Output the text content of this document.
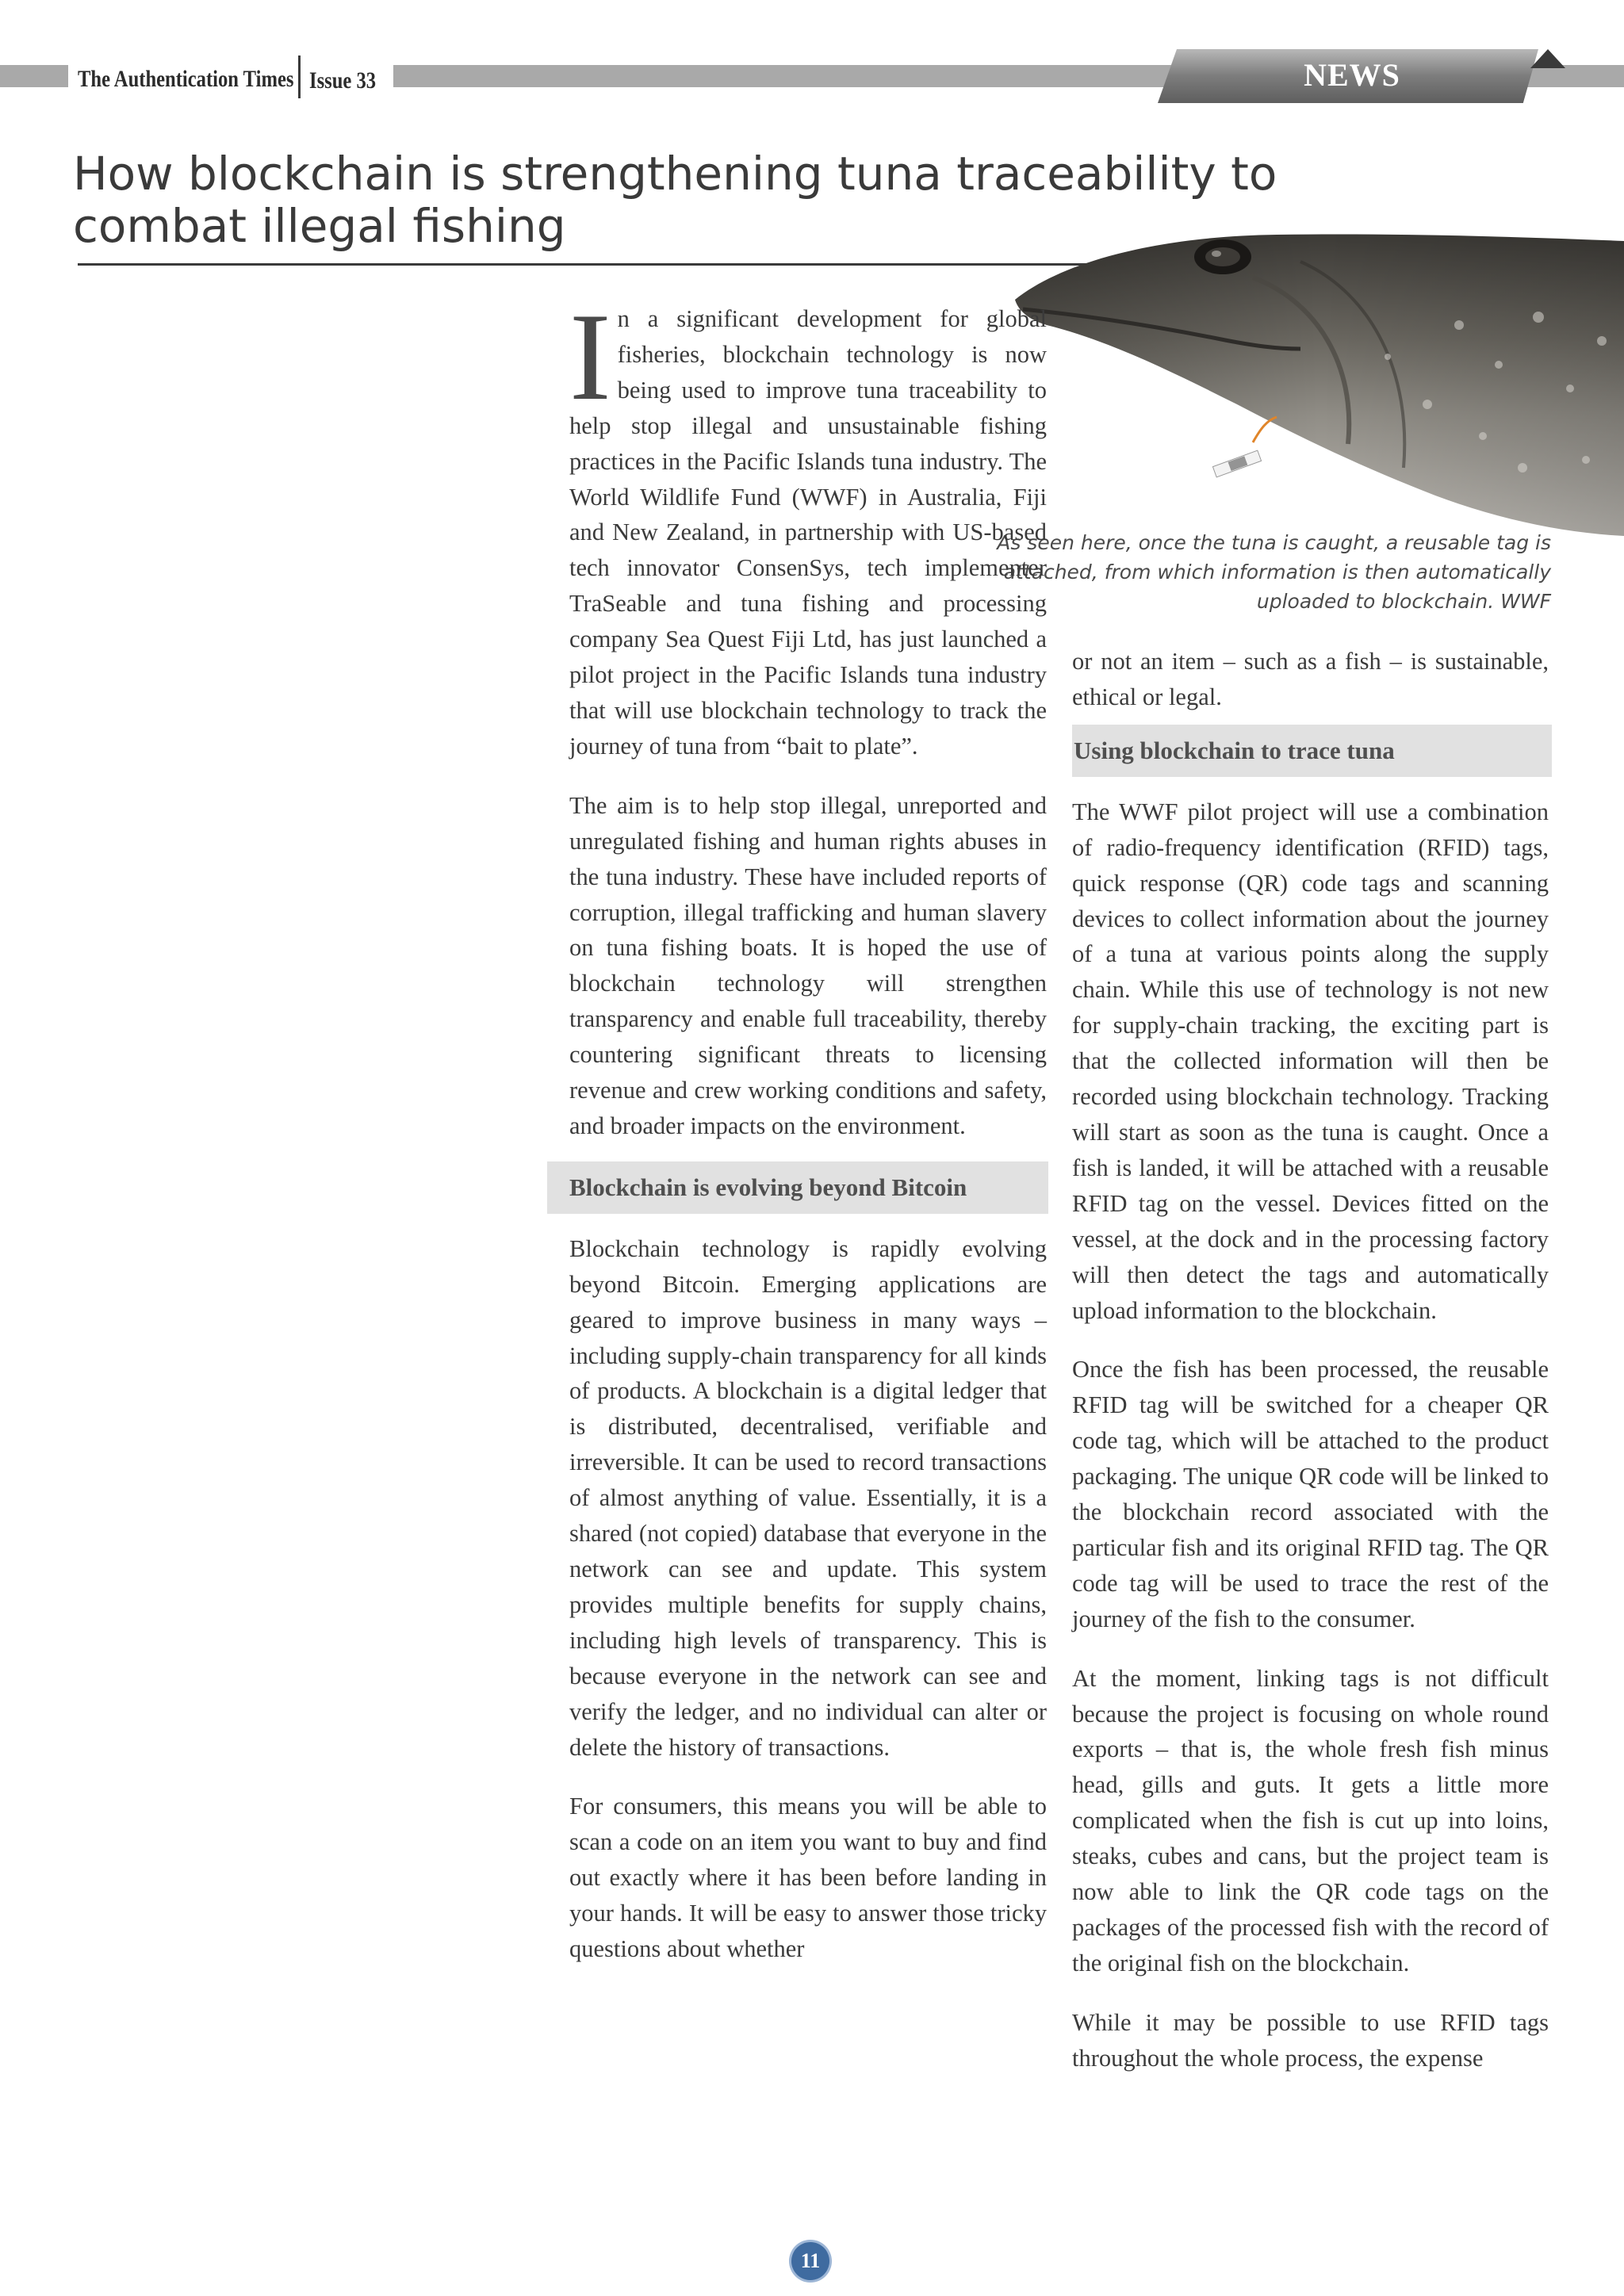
The Authentication Times Issue 33	NEWS
How blockchain is strengthening tuna traceability to combat illegal fishing

As seen here, once the tuna is caught, a reusable tag is attached, from which information is then automatically uploaded to blockchain. WWF

I n a significant development for global fisheries, blockchain technology is now being used to improve tuna traceability to help stop illegal and unsustainable fishing practices in the Pacific Islands tuna industry. The World Wildlife Fund (WWF) in Australia, Fiji and New Zealand, in partnership with US-based tech innovator ConsenSys, tech implementer TraSeable and tuna fishing and processing company Sea Quest Fiji Ltd, has just launched a pilot project in the Pacific Islands tuna industry that will use blockchain technology to track the journey of tuna from “bait to plate”.

The aim is to help stop illegal, unreported and unregulated fishing and human rights abuses in the tuna industry. These have included reports of corruption, illegal trafficking and human slavery on tuna fishing boats. It is hoped the use of blockchain technology will strengthen transparency and enable full traceability, thereby countering significant threats to licensing revenue and crew working conditions and safety, and broader impacts on the environment.

Blockchain is evolving beyond Bitcoin

Blockchain technology is rapidly evolving beyond Bitcoin. Emerging applications are geared to improve business in many ways – including supply-chain transparency for all kinds of products. A blockchain is a digital ledger that is distributed, decentralised, verifiable and irreversible. It can be used to record transactions of almost anything of value. Essentially, it is a shared (not copied) database that everyone in the network can see and update. This system provides multiple benefits for supply chains, including high levels of transparency. This is because everyone in the network can see and verify the ledger, and no individual can alter or delete the history of transactions.

For consumers, this means you will be able to scan a code on an item you want to buy and find out exactly where it has been before landing in your hands. It will be easy to answer those tricky questions about whether

or not an item – such as a fish – is sustainable, ethical or legal.

Using blockchain to trace tuna

The WWF pilot project will use a combination of radio-frequency identification (RFID) tags, quick response (QR) code tags and scanning devices to collect information about the journey of a tuna at various points along the supply chain. While this use of technology is not new for supply-chain tracking, the exciting part is that the collected information will then be recorded using blockchain technology. Tracking will start as soon as the tuna is caught. Once a fish is landed, it will be attached with a reusable RFID tag on the vessel. Devices fitted on the vessel, at the dock and in the processing factory will then detect the tags and automatically upload information to the blockchain.

Once the fish has been processed, the reusable RFID tag will be switched for a cheaper QR code tag, which will be attached to the product packaging. The unique QR code will be linked to the blockchain record associated with the particular fish and its original RFID tag. The QR code tag will be used to trace the rest of the journey of the fish to the consumer.

At the moment, linking tags is not difficult because the project is focusing on whole round exports – that is, the whole fresh fish minus head, gills and guts. It gets a little more complicated when the fish is cut up into loins, steaks, cubes and cans, but the project team is now able to link the QR code tags on the packages of the processed fish with the record of the original fish on the blockchain.

While it may be possible to use RFID tags throughout the whole process, the expense

11
